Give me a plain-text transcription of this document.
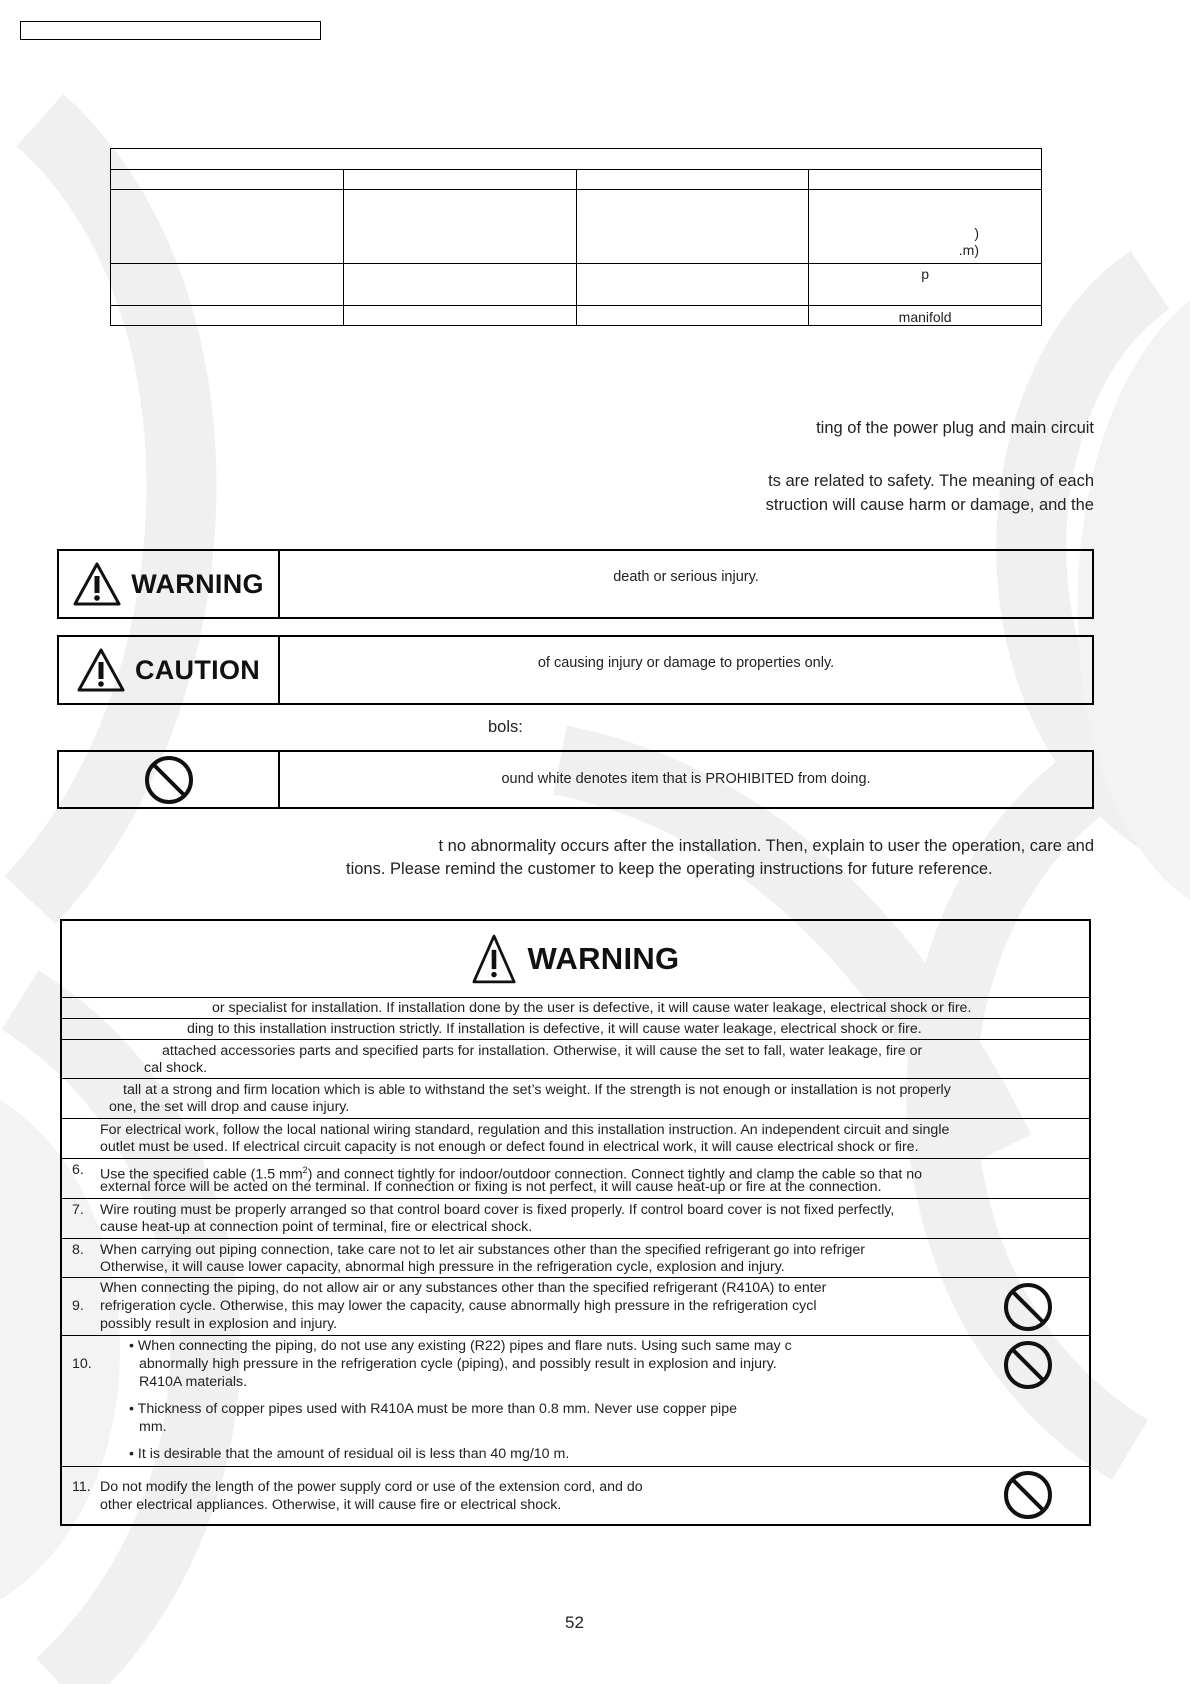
			)
.m)

			p
			manifold
ting of the power plug and main circuit
ts are related to safety. The meaning of each
struction will cause harm or damage, and the
WARNING	death or serious injury.
CAUTION	of causing injury or damage to properties only.
bols:
ound white denotes item that is PROHIBITED from doing.
t no abnormality occurs after the installation. Then, explain to user the operation, care and
tions. Please remind the customer to keep the operating instructions for future reference.
WARNING
or specialist for installation. If installation done by the user is defective, it will cause water leakage, electrical shock or fire.
ding to this installation instruction strictly. If installation is defective, it will cause water leakage, electrical shock or fire.
attached accessories parts and specified parts for installation. Otherwise, it will cause the set to fall, water leakage, fire or
cal shock.
tall at a strong and firm location which is able to withstand the set’s weight. If the strength is not enough or installation is not properly
one, the set will drop and cause injury.
For electrical work, follow the local national wiring standard, regulation and this installation instruction. An independent circuit and single
outlet must be used. If electrical circuit capacity is not enough or defect found in electrical work, it will cause electrical shock or fire.
6. Use the specified cable (1.5 $mm^2$) and connect tightly for indoor/outdoor connection. Connect tightly and clamp the cable so that no
external force will be acted on the terminal. If connection or fixing is not perfect, it will cause heat-up or fire at the connection.
7. Wire routing must be properly arranged so that control board cover is fixed properly. If control board cover is not fixed perfectly,
cause heat-up at connection point of terminal, fire or electrical shock.
8. When carrying out piping connection, take care not to let air substances other than the specified refrigerant go into refriger
Otherwise, it will cause lower capacity, abnormal high pressure in the refrigeration cycle, explosion and injury.
9.
When connecting the piping, do not allow air or any substances other than the specified refrigerant (R410A) to enter
refrigeration cycle. Otherwise, this may lower the capacity, cause abnormally high pressure in the refrigeration cycl
possibly result in explosion and injury.
10.
• When connecting the piping, do not use any existing (R22) pipes and flare nuts. Using such same may c
abnormally high pressure in the refrigeration cycle (piping), and possibly result in explosion and injury.
R410A materials.
• Thickness of copper pipes used with R410A must be more than 0.8 mm. Never use copper pipe
mm.
• It is desirable that the amount of residual oil is less than 40 mg/10 m.
11. Do not modify the length of the power supply cord or use of the extension cord, and do
other electrical appliances. Otherwise, it will cause fire or electrical shock.
52
